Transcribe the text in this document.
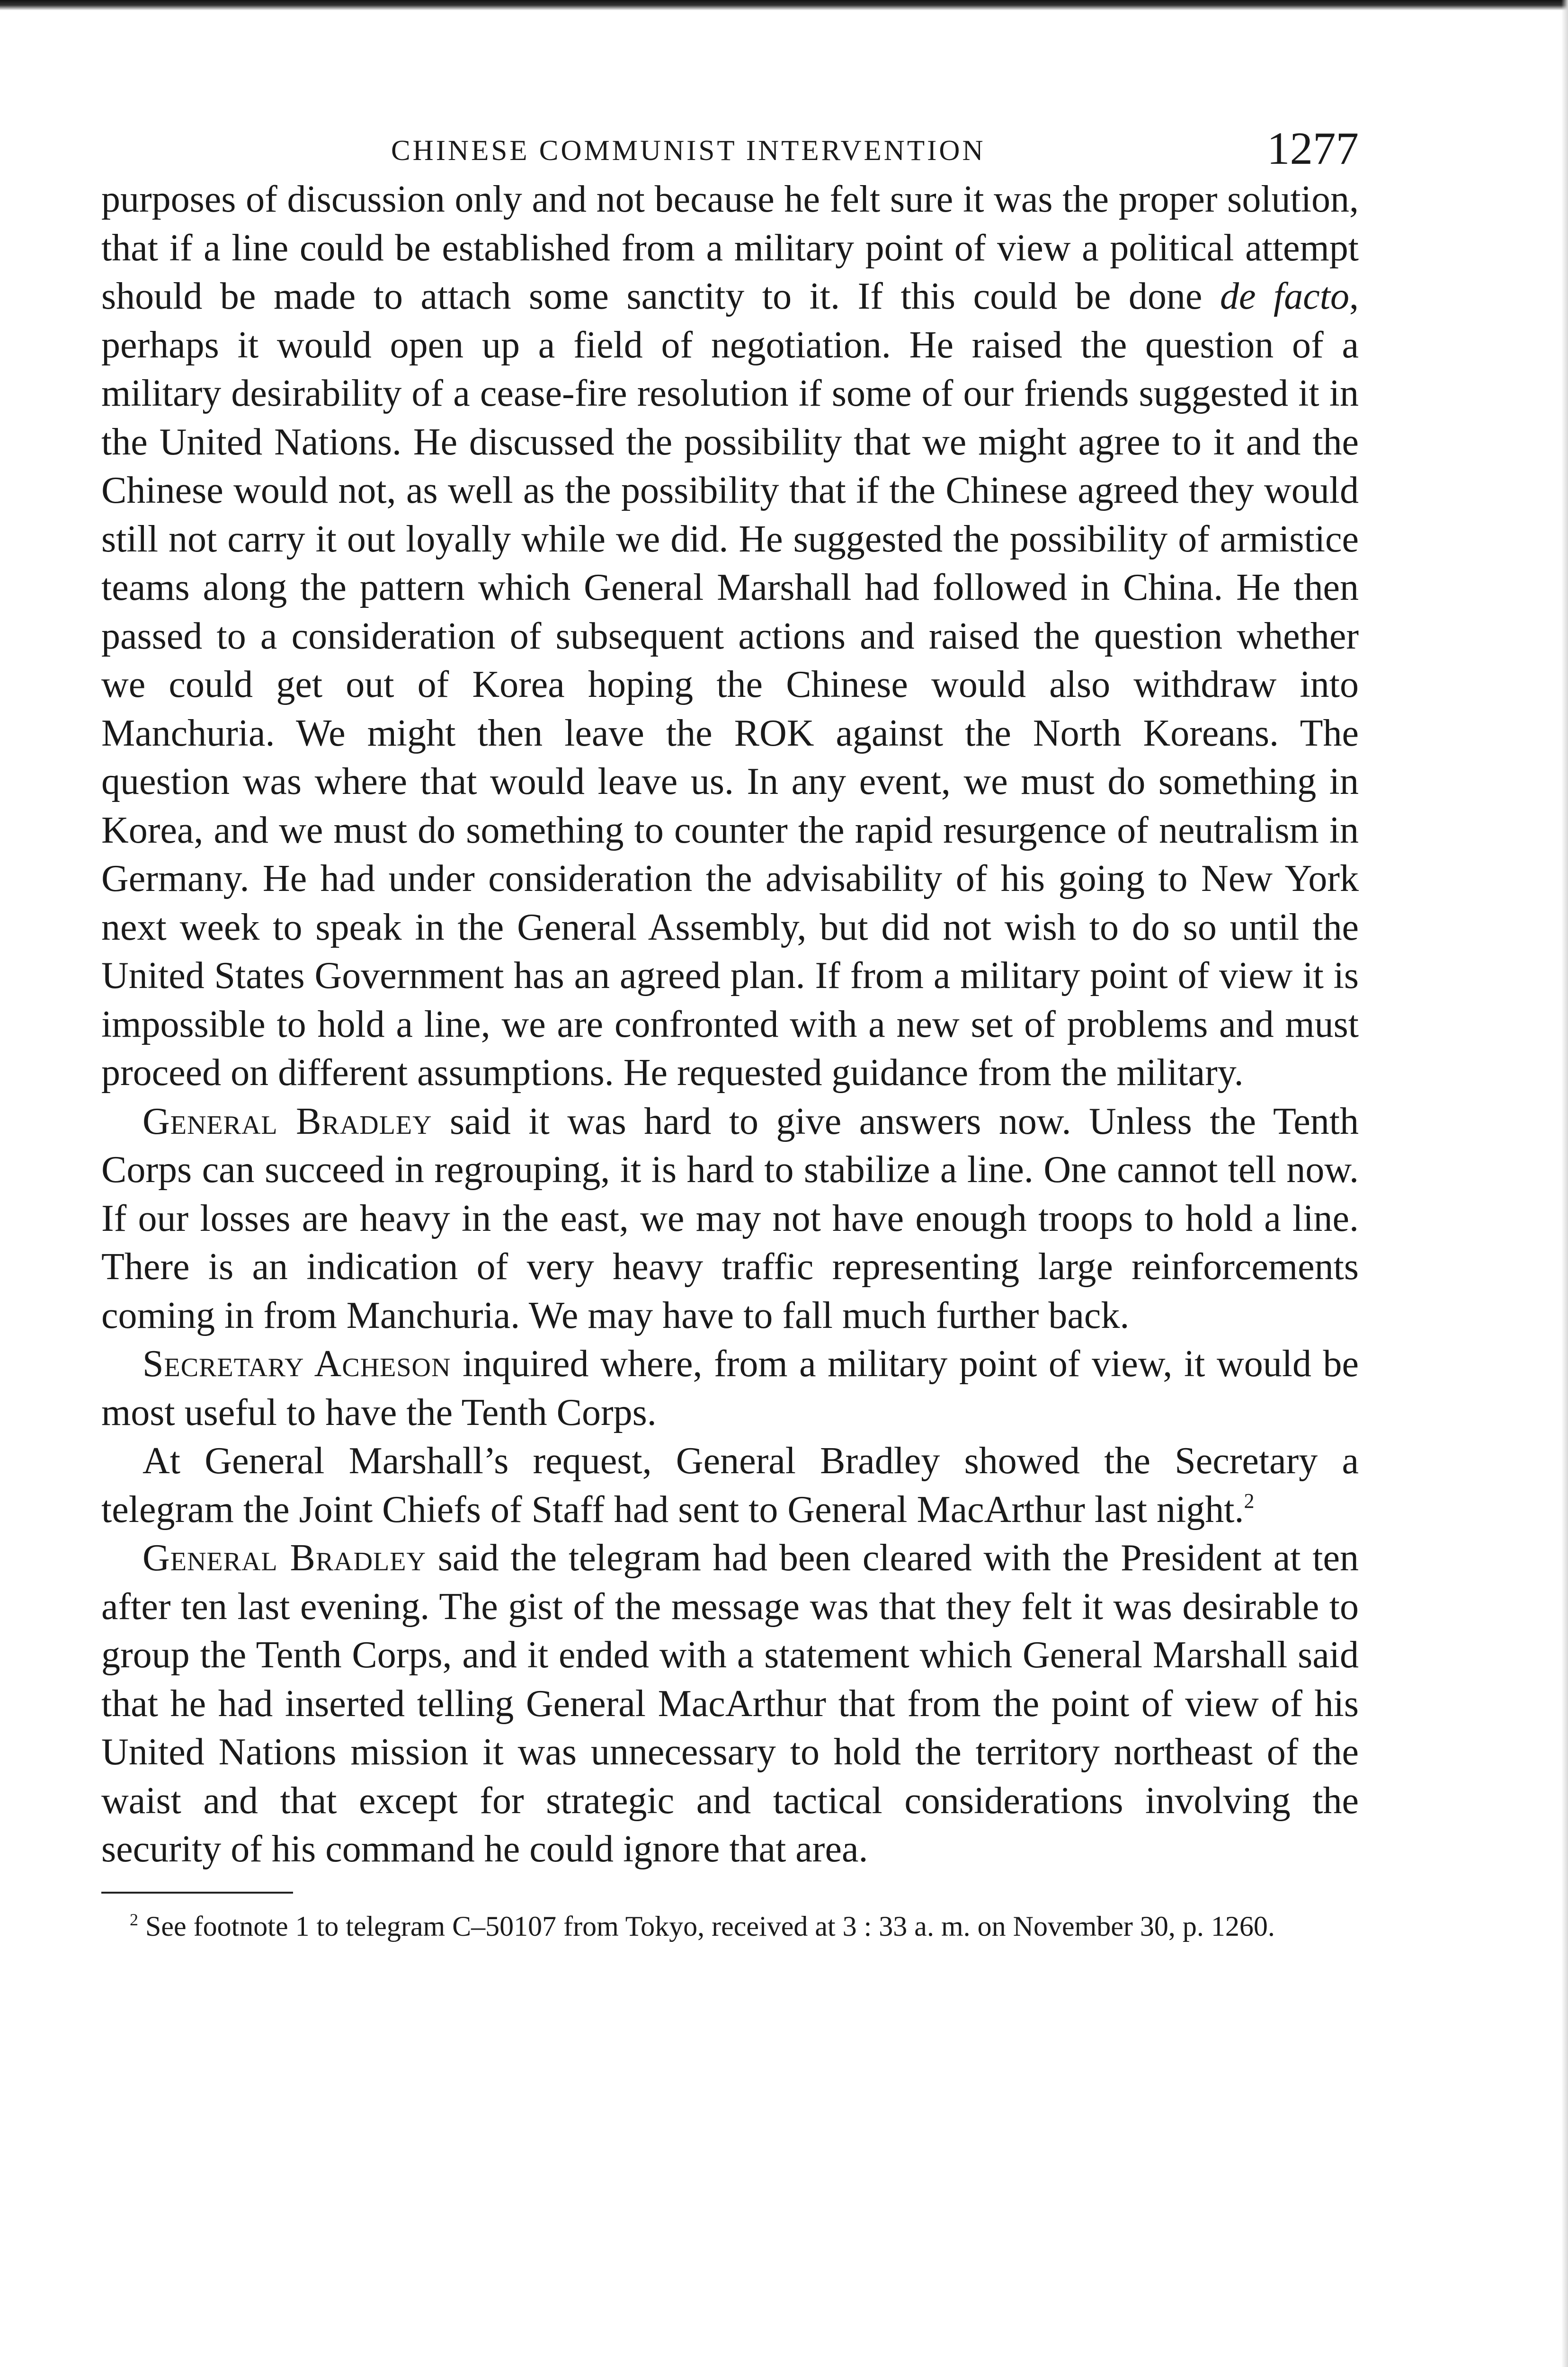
CHINESE COMMUNIST INTERVENTION	1277

purposes of discussion only and not because he felt sure it was the proper solution, that if a line could be established from a military point of view a political attempt should be made to attach some sanctity to it. If this could be done de facto, perhaps it would open up a field of negotiation. He raised the question of a military desirability of a cease-fire resolution if some of our friends suggested it in the United Nations. He discussed the possibility that we might agree to it and the Chinese would not, as well as the possibility that if the Chinese agreed they would still not carry it out loyally while we did. He suggested the possibility of armistice teams along the pattern which General Marshall had followed in China. He then passed to a consideration of subsequent actions and raised the question whether we could get out of Korea hoping the Chinese would also withdraw into Manchuria. We might then leave the ROK against the North Koreans. The question was where that would leave us. In any event, we must do something in Korea, and we must do something to counter the rapid resurgence of neutralism in Germany. He had under consideration the advisability of his going to New York next week to speak in the General Assembly, but did not wish to do so until the United States Government has an agreed plan. If from a military point of view it is impossible to hold a line, we are confronted with a new set of problems and must proceed on different assumptions. He requested guidance from the military.

General Bradley said it was hard to give answers now. Unless the Tenth Corps can succeed in regrouping, it is hard to stabilize a line. One cannot tell now. If our losses are heavy in the east, we may not have enough troops to hold a line. There is an indication of very heavy traffic representing large reinforcements coming in from Manchuria. We may have to fall much further back.

Secretary Acheson inquired where, from a military point of view, it would be most useful to have the Tenth Corps.

At General Marshall’s request, General Bradley showed the Secretary a telegram the Joint Chiefs of Staff had sent to General MacArthur last night.$^2$

General Bradley said the telegram had been cleared with the President at ten after ten last evening. The gist of the message was that they felt it was desirable to group the Tenth Corps, and it ended with a statement which General Marshall said that he had inserted telling General MacArthur that from the point of view of his United Nations mission it was unnecessary to hold the territory northeast of the waist and that except for strategic and tactical considerations involving the security of his command he could ignore that area.

$^2$ See footnote 1 to telegram C–50107 from Tokyo, received at 3 : 33 a. m. on November 30, p. 1260.
